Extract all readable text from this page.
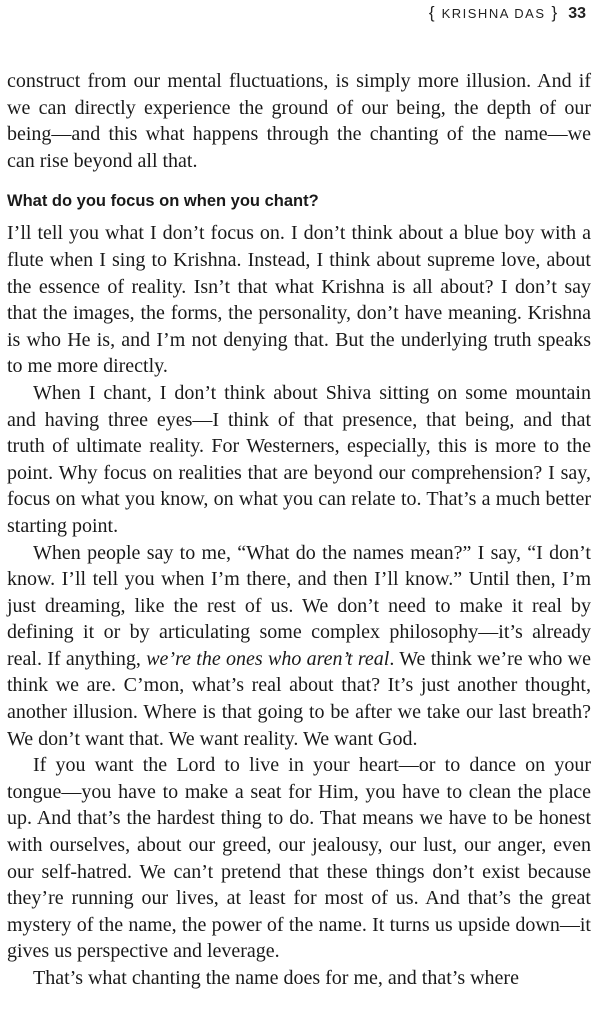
{ KRISHNA DAS } 33

construct from our mental fluctuations, is simply more illusion. And if we can directly experience the ground of our being, the depth of our being—and this what happens through the chanting of the name—we can rise beyond all that.

What do you focus on when you chant?

I’ll tell you what I don’t focus on. I don’t think about a blue boy with a flute when I sing to Krishna. Instead, I think about supreme love, about the essence of reality. Isn’t that what Krishna is all about? I don’t say that the images, the forms, the personality, don’t have meaning. Krishna is who He is, and I’m not denying that. But the underlying truth speaks to me more directly.

When I chant, I don’t think about Shiva sitting on some mountain and having three eyes—I think of that presence, that being, and that truth of ultimate reality. For Westerners, especially, this is more to the point. Why focus on realities that are beyond our comprehension? I say, focus on what you know, on what you can relate to. That’s a much better starting point.

When people say to me, “What do the names mean?” I say, “I don’t know. I’ll tell you when I’m there, and then I’ll know.” Until then, I’m just dreaming, like the rest of us. We don’t need to make it real by defining it or by articulating some complex philosophy—it’s already real. If anything, we’re the ones who aren’t real. We think we’re who we think we are. C’mon, what’s real about that? It’s just another thought, another illusion. Where is that going to be after we take our last breath? We don’t want that. We want reality. We want God.

If you want the Lord to live in your heart—or to dance on your tongue—you have to make a seat for Him, you have to clean the place up. And that’s the hardest thing to do. That means we have to be honest with ourselves, about our greed, our jealousy, our lust, our anger, even our self-hatred. We can’t pretend that these things don’t exist because they’re running our lives, at least for most of us. And that’s the great mystery of the name, the power of the name. It turns us upside down—it gives us perspective and leverage.

That’s what chanting the name does for me, and that’s where
